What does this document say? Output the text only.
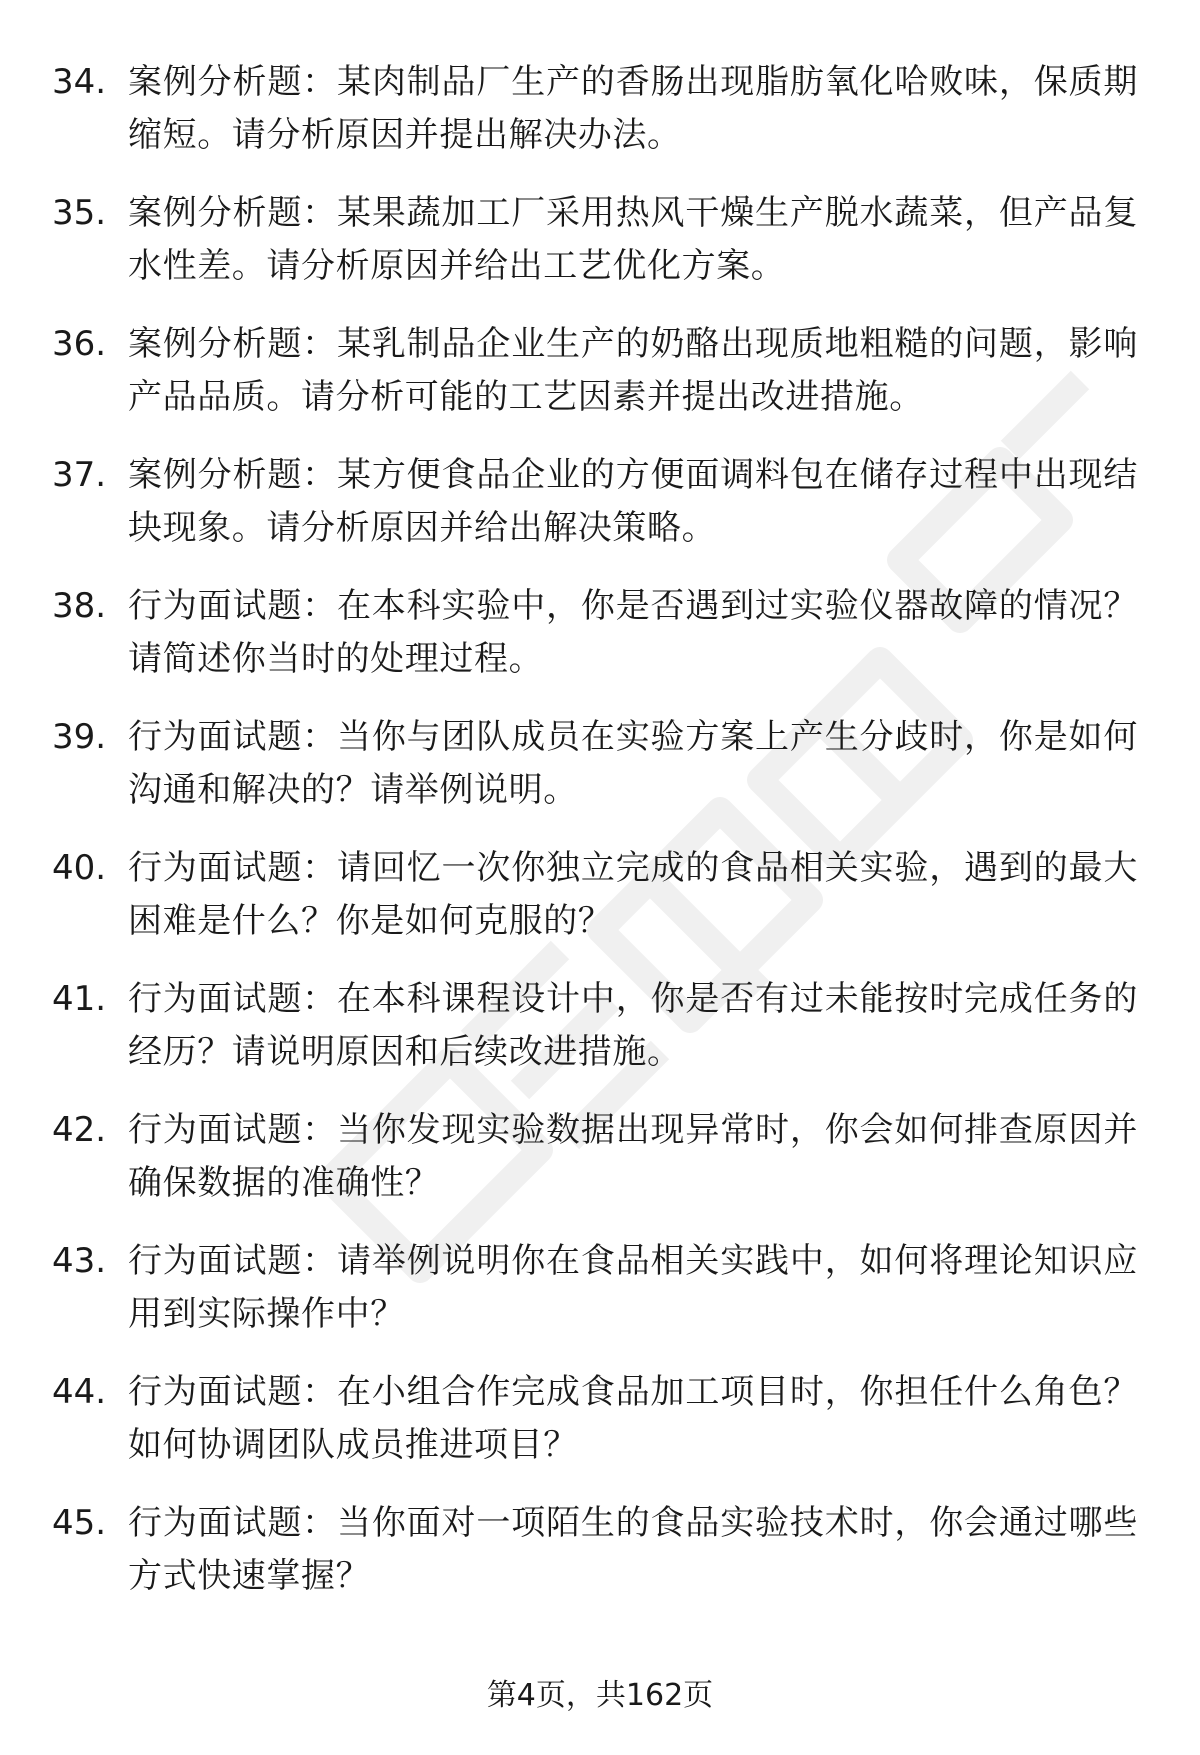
34. 案例分析题：某肉制品厂生产的香肠出现脂肪氧化哈败味，保质期缩短。请分析原因并提出解决办法。
35. 案例分析题：某果蔬加工厂采用热风干燥生产脱水蔬菜，但产品复水性差。请分析原因并给出工艺优化方案。
36. 案例分析题：某乳制品企业生产的奶酪出现质地粗糙的问题，影响产品品质。请分析可能的工艺因素并提出改进措施。
37. 案例分析题：某方便食品企业的方便面调料包在储存过程中出现结块现象。请分析原因并给出解决策略。
38. 行为面试题：在本科实验中，你是否遇到过实验仪器故障的情况？请简述你当时的处理过程。
39. 行为面试题：当你与团队成员在实验方案上产生分歧时，你是如何沟通和解决的？请举例说明。
40. 行为面试题：请回忆一次你独立完成的食品相关实验，遇到的最大困难是什么？你是如何克服的？
41. 行为面试题：在本科课程设计中，你是否有过未能按时完成任务的经历？请说明原因和后续改进措施。
42. 行为面试题：当你发现实验数据出现异常时，你会如何排查原因并确保数据的准确性？
43. 行为面试题：请举例说明你在食品相关实践中，如何将理论知识应用到实际操作中？
44. 行为面试题：在小组合作完成食品加工项目时，你担任什么角色？如何协调团队成员推进项目？
45. 行为面试题：当你面对一项陌生的食品实验技术时，你会通过哪些方式快速掌握？
第4页，共162页
